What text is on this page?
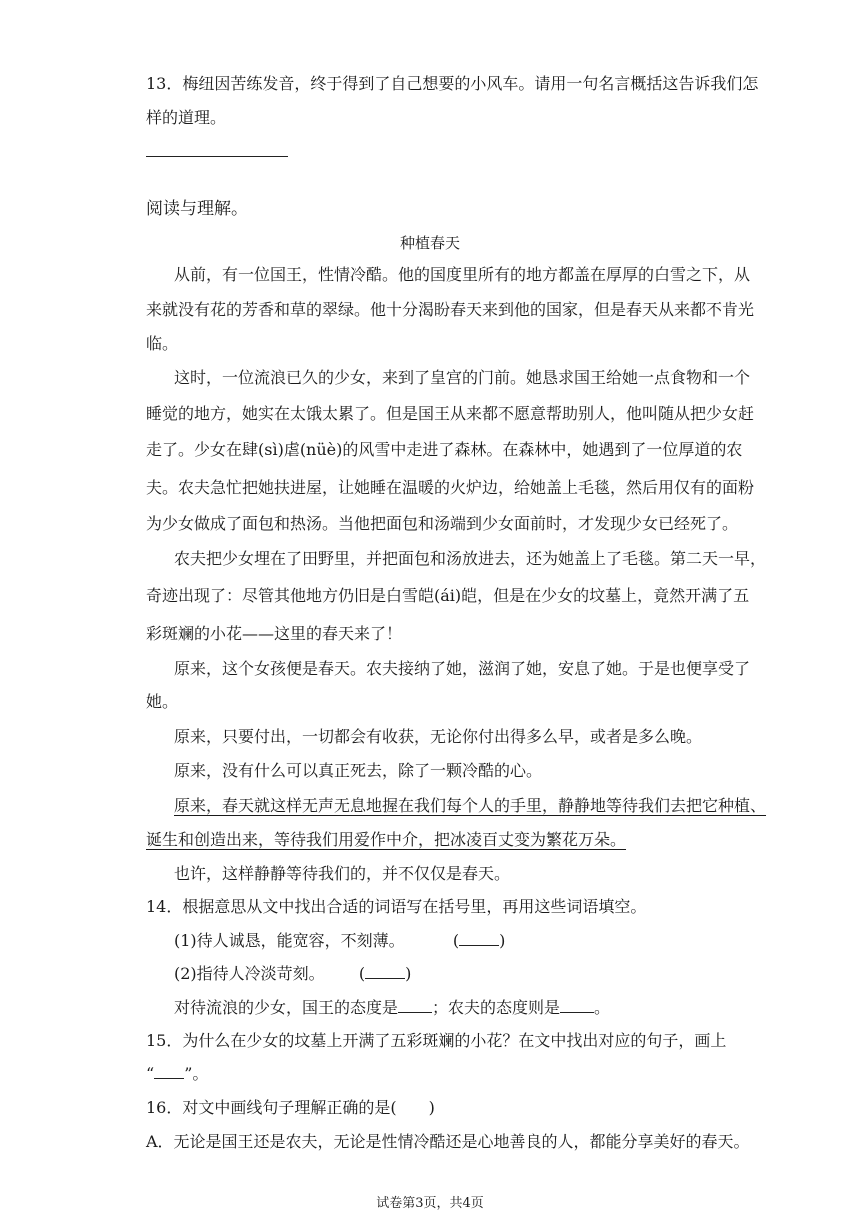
13．梅纽因苦练发音，终于得到了自己想要的小风车。请用一句名言概括这告诉我们怎
样的道理。
阅读与理解。
种植春天
从前，有一位国王，性情冷酷。他的国度里所有的地方都盖在厚厚的白雪之下，从
来就没有花的芳香和草的翠绿。他十分渴盼春天来到他的国家，但是春天从来都不肯光
临。
这时，一位流浪已久的少女，来到了皇宫的门前。她恳求国王给她一点食物和一个
睡觉的地方，她实在太饿太累了。但是国王从来都不愿意帮助别人，他叫随从把少女赶
走了。少女在肆(sì)虐(nüè)的风雪中走进了森林。在森林中，她遇到了一位厚道的农
夫。农夫急忙把她扶进屋，让她睡在温暖的火炉边，给她盖上毛毯，然后用仅有的面粉
为少女做成了面包和热汤。当他把面包和汤端到少女面前时，才发现少女已经死了。
农夫把少女埋在了田野里，并把面包和汤放进去，还为她盖上了毛毯。第二天一早，
奇迹出现了：尽管其他地方仍旧是白雪皑(ái)皑，但是在少女的坟墓上，竟然开满了五
彩斑斓的小花——这里的春天来了！
原来，这个女孩便是春天。农夫接纳了她，滋润了她，安息了她。于是也便享受了
她。
原来，只要付出，一切都会有收获，无论你付出得多么早，或者是多么晚。
原来，没有什么可以真正死去，除了一颗冷酷的心。
原来，春天就这样无声无息地握在我们每个人的手里，静静地等待我们去把它种植、
诞生和创造出来，等待我们用爱作中介，把冰凌百丈变为繁花万朵。
也许，这样静静等待我们的，并不仅仅是春天。
14．根据意思从文中找出合适的词语写在括号里，再用这些词语填空。
(1)待人诚恳，能宽容，不刻薄。	(	)
(2)指待人冷淡苛刻。 (	)
对待流浪的少女，国王的态度是 ；农夫的态度则是 。
15．为什么在少女的坟墓上开满了五彩斑斓的小花？在文中找出对应的句子，画上
“ ”。
16．对文中画线句子理解正确的是(　　)
A．无论是国王还是农夫，无论是性情冷酷还是心地善良的人，都能分享美好的春天。
试卷第3页，共4页
